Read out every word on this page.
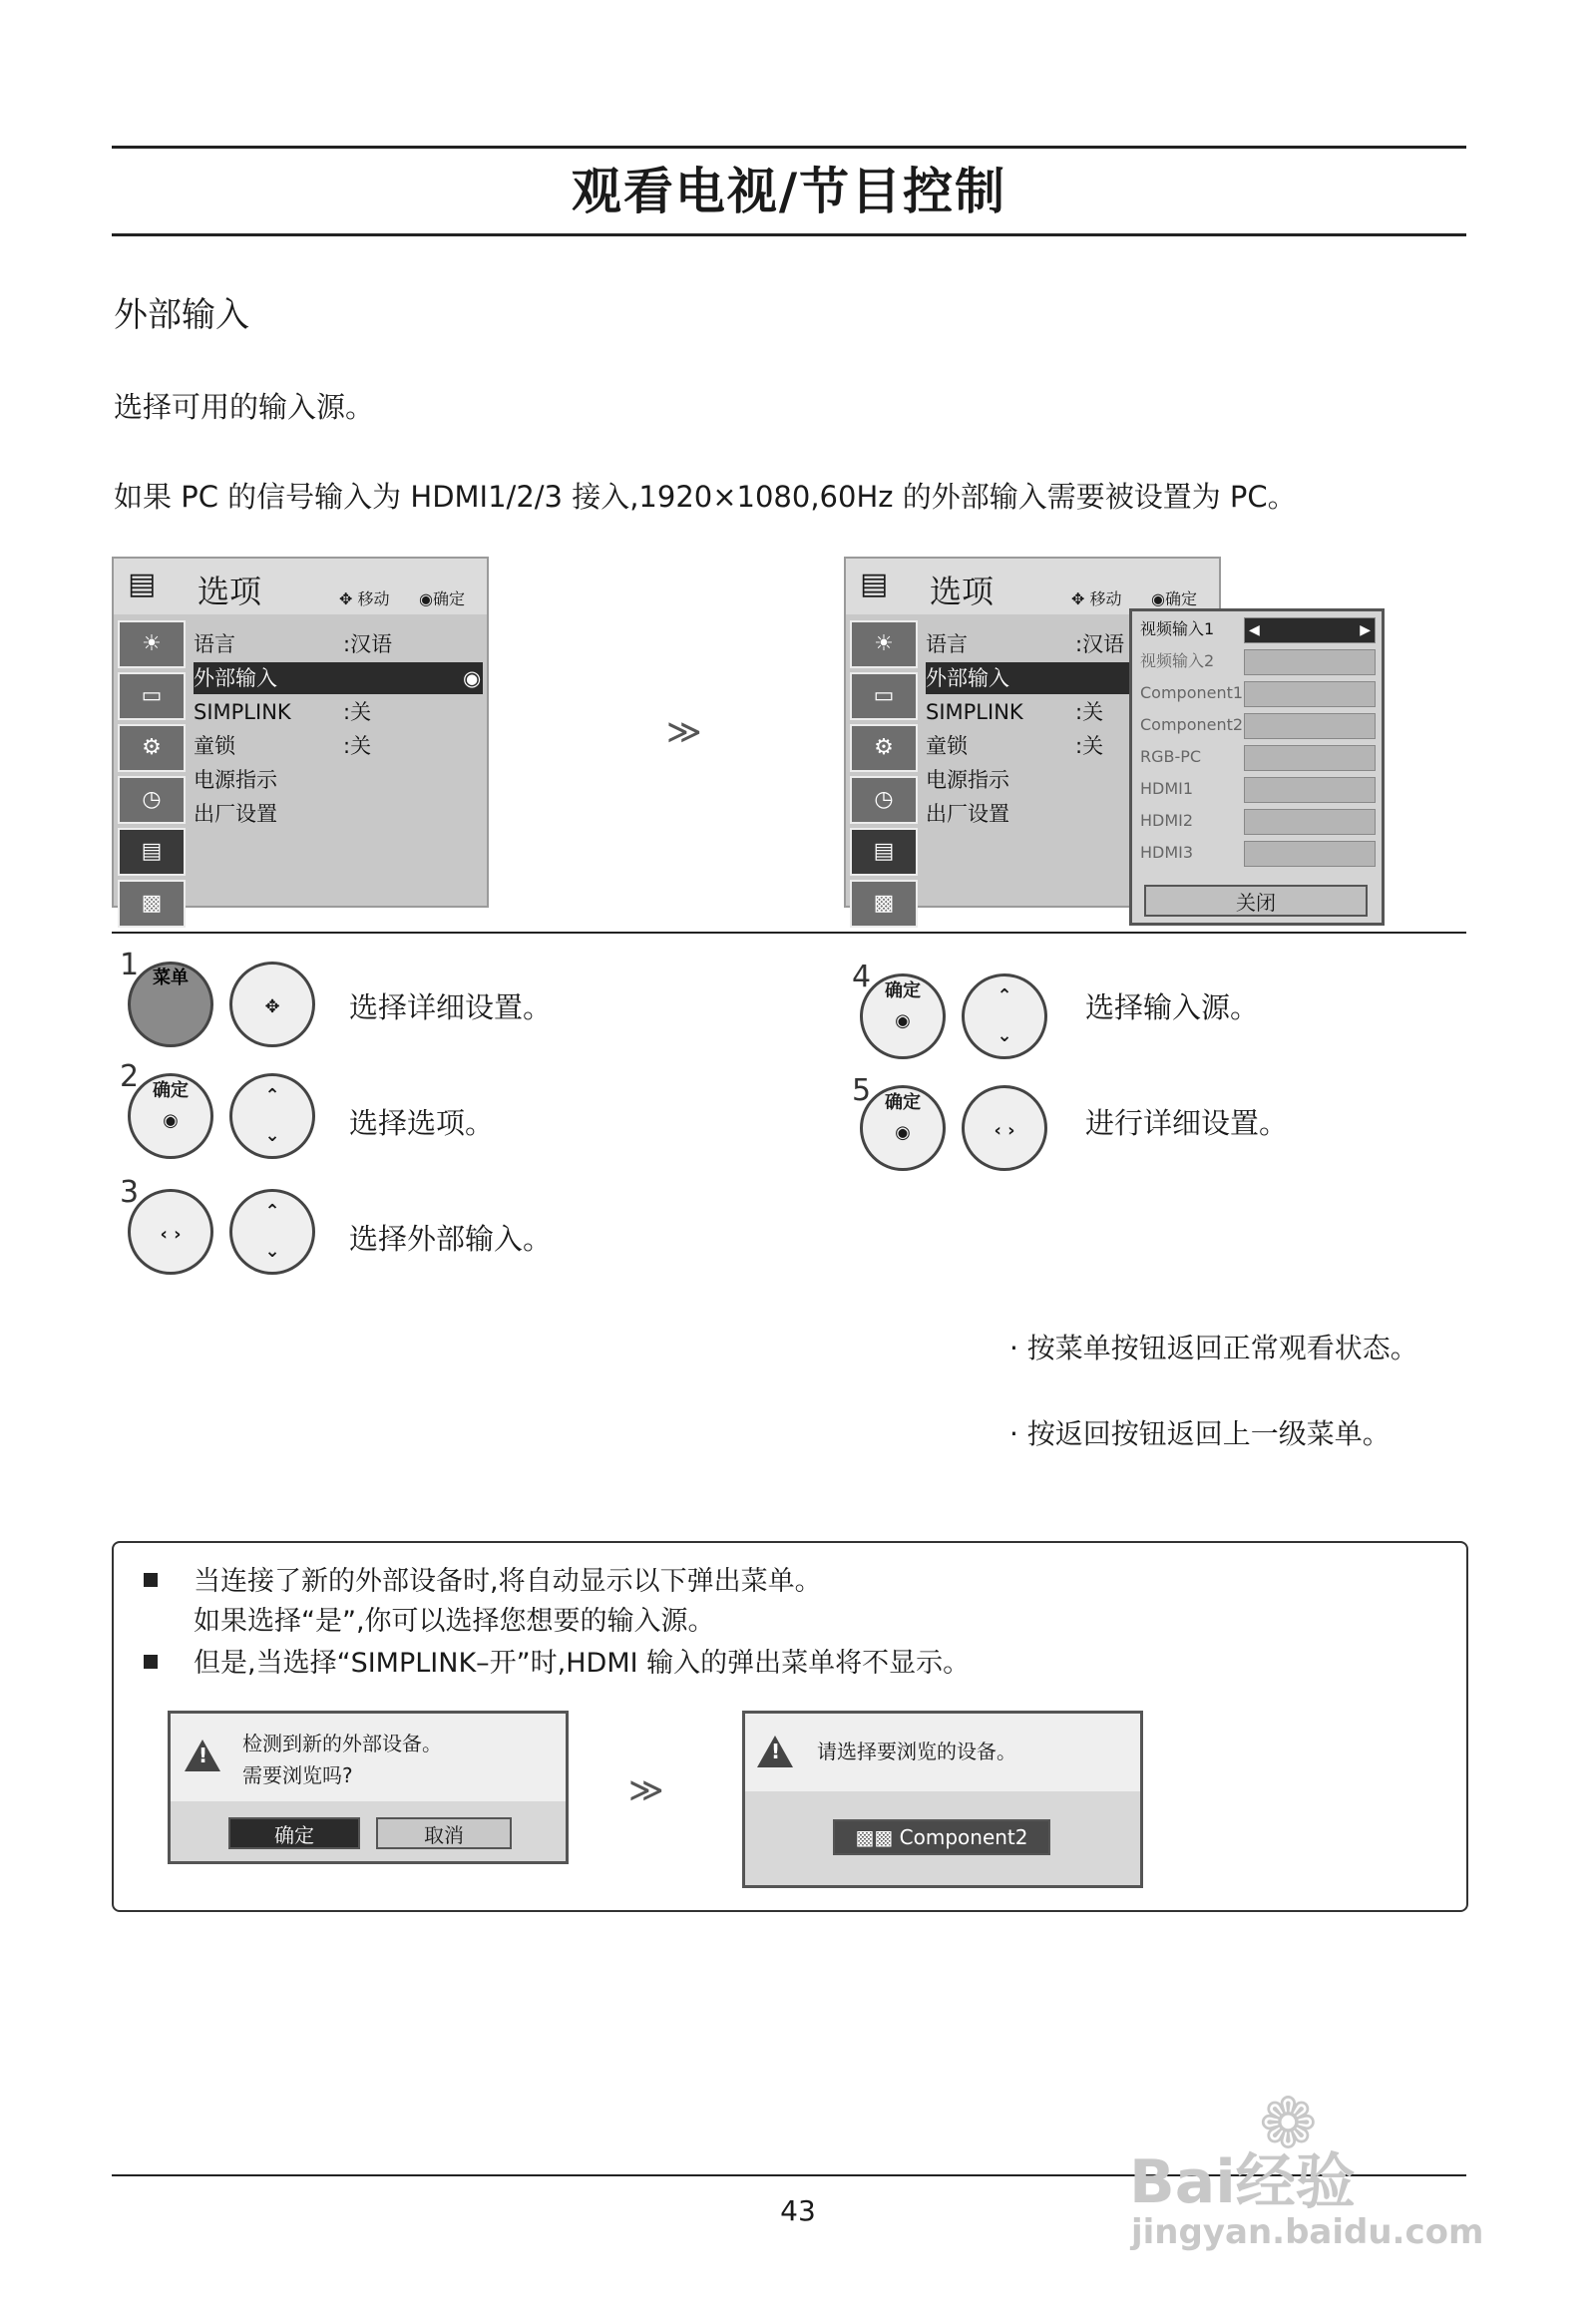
观看电视/节目控制
外部输入
选择可用的输入源。
如果 PC 的信号输入为 HDMI1/2/3 接入,1920×1080,60Hz 的外部输入需要被设置为 PC。
▤ 选项	✥ 移动 ◉确定
☀
▭
⚙
◷
▤
▩
语言	:汉语
外部输入	◉
SIMPLINK :关
童锁	:关
电源指示
出厂设置
≫
▤ 选项	✥ 移动 ◉确定
☀
▭
⚙
◷
▤
▩
语言	:汉语
外部输入
SIMPLINK :关
童锁	:关
电源指示
出厂设置
视频输入1	◀	▶
视频输入2
Component1
Component2
RGB-PC
HDMI1
HDMI2
HDMI3
关闭
1 菜单
✥	选择详细设置。
2 确定
◉
⌃
⌄	选择选项。
3
‹ ›
⌃
⌄	选择外部输入。
4 确定
◉
⌃
⌄
选择输入源。
5 确定
◉	‹ ›	进行详细设置。
· 按菜单按钮返回正常观看状态。
· 按返回按钮返回上一级菜单。
当连接了新的外部设备时,将自动显示以下弹出菜单。
如果选择“是”,你可以选择您想要的输入源。
但是,当选择“SIMPLINK–开”时,HDMI 输入的弹出菜单将不显示。
! 检测到新的外部设备。
需要浏览吗?
确定	取消
≫
! 请选择要浏览的设备。
▩▩ Component2
43
❁
Bai经验
jingyan.baidu.com
